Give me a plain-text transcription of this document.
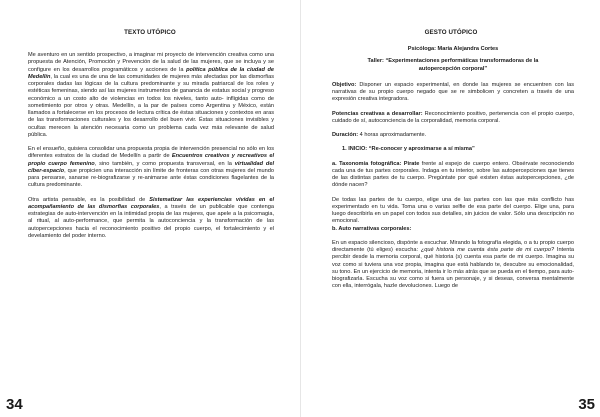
TEXTO UTÓPICO

Me aventuro en un sentido prospectivo, a imaginar mi proyecto de intervención creativa como una propuesta de Atención, Promoción y Prevención de la salud de las mujeres, que se incluya y se configure en los desarrollos programáticos y acciones de la política pública de la ciudad de Medellín, la cual es una de una de las comunidades de mujeres más afectadas por las dismorfias corporales dadas las lógicas de la cultura predominante y su mirada patriarcal de los roles y estéticas femeninas, siendo así las mujeres instrumentos de ganancia de estatus social y progreso económico a un costo alto de violencias en todos los niveles, tanto auto- infligidas como de sometimiento por otros y otras. Medellín, a la par de países como Argentina y México, están llamados a fortalecerse en los procesos de lectura crítica de éstas situaciones y contextos en aras de las transformaciones culturales y los desarrollo del buen vivir. Éstas situaciones invisibles y ocultas merecen la atención necesaria como un problema cada vez más relevante de salud pública.

En el ensueño, quisiera consolidar una propuesta propia de intervención presencial no sólo en los diferentes estratos de la ciudad de Medellín a partir de Encuentros creativos y recreativos el propio cuerpo femenino, sino también, y como propuesta transversal, en la virtualidad del ciber-espacio, que propicien una interacción sin límite de fronteras con otras mujeres del mundo para pensarse, sanarse re-biografizarse y re-animarse ante éstas condiciones flagelantes de la cultura predominante.

Otra artista pensable, es la posibilidad de Sistematizar las experiencias vividas en el acompañamiento de las dismorfias corporales, a través de un publicable que contenga estrategias de auto-intervención en la intimidad propia de las mujeres, que apele a la psicomagia, al ritual, al auto-performance, que permita la autoconciencia y la transformación de las autopercepciones hacia el reconocimiento positivo del propio cuerpo, el fortalecimiento y el develamiento del poder interno.

34
GESTO UTÓPICO

Psicóloga: María Alejandra Cortes

Taller: “Experimentaciones performáticas transformadoras de la autopercepción corporal”

Objetivo: Disponer un espacio experimental, en donde las mujeres se encuentren con las narrativas de su propio cuerpo negado que se re simbolicen y concreten a través de una expresión creativa integradora.

Potencias creativas a desarrollar: Reconocimiento positivo, pertenencia con el propio cuerpo, cuidado de sí, autoconciencia de la corporalidad, memoria corporal.

Duración: 4 horas aproximadamente.

1. INICIO: “Re-conocer y aproximarse a sí misma”

a. Taxonomía fotográfica: Pirate frente al espejo de cuerpo entero. Obsérvate reconociendo cada una de tus partes corporales. Indaga en tu interior, sobre las autopercepciones que tienes de las distintas partes de tu cuerpo. Pregúntate por qué existen éstas autopercepciones, ¿de dónde nacen?

De todas las partes de tu cuerpo, elige una de las partes con las que más conflicto has experimentado en tu vida. Toma una o varias selfie de esa parte del cuerpo. Elige una, para luego describirla en un papel con todos sus detalles, sin juicios de valor. Sólo una descripción no emocional.

b. Auto narrativas corporales:

En un espacio silencioso, dispónte a escuchar. Mirando la fotografía elegida, o a tu propio cuerpo directamente (tú eliges) escucha: ¿qué historia me cuenta ésta parte de mi cuerpo? Intenta percibir desde la memoria corporal, qué historia (s) cuenta esa parte de mi cuerpo. Imagina su voz como si tuviera una voz propia, imagina que está hablando te, descubre su emocionalidad, su tono. En un ejercicio de memoria, intenta ir lo más atrás que se pueda en el tiempo, para auto-biografizarla. Escucha su voz como si fuera un personaje, y si deseas, conversa mentalmente con ella, interrógala, hazle devoluciones. Luego de

35
